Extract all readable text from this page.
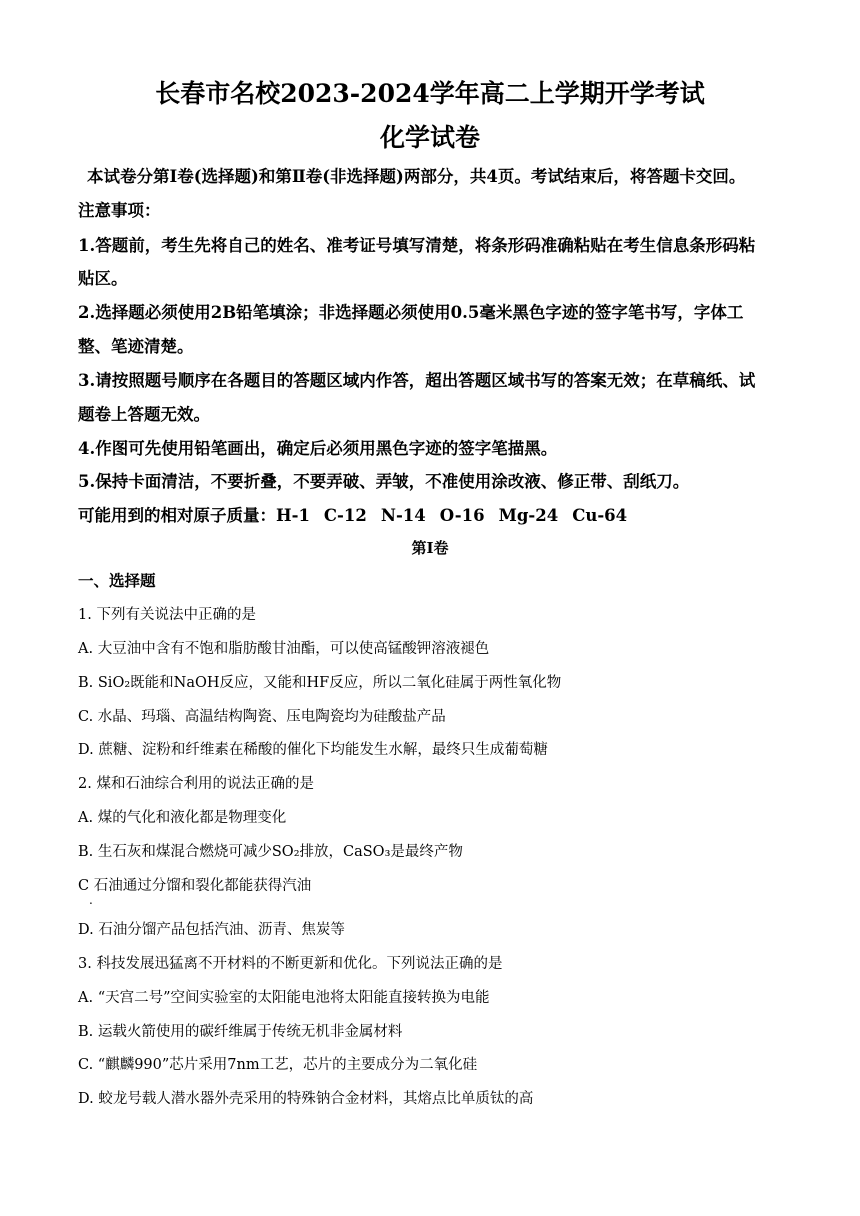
长春市名校2023-2024学年高二上学期开学考试
化学试卷
本试卷分第Ⅰ卷(选择题)和第Ⅱ卷(非选择题)两部分，共4页。考试结束后，将答题卡交回。
注意事项：
1.答题前，考生先将自己的姓名、准考证号填写清楚，将条形码准确粘贴在考生信息条形码粘
贴区。
2.选择题必须使用2B铅笔填涂；非选择题必须使用0.5毫米黑色字迹的签字笔书写，字体工
整、笔迹清楚。
3.请按照题号顺序在各题目的答题区域内作答，超出答题区域书写的答案无效；在草稿纸、试
题卷上答题无效。
4.作图可先使用铅笔画出，确定后必须用黑色字迹的签字笔描黑。
5.保持卡面清洁，不要折叠，不要弄破、弄皱，不准使用涂改液、修正带、刮纸刀。
可能用到的相对原子质量：H-1 C-12 N-14 O-16 Mg-24 Cu-64
第Ⅰ卷
一、选择题
1. 下列有关说法中正确的是
A. 大豆油中含有不饱和脂肪酸甘油酯，可以使高锰酸钾溶液褪色
B. SiO₂既能和NaOH反应，又能和HF反应，所以二氧化硅属于两性氧化物
C. 水晶、玛瑙、高温结构陶瓷、压电陶瓷均为硅酸盐产品
D. 蔗糖、淀粉和纤维素在稀酸的催化下均能发生水解，最终只生成葡萄糖
2. 煤和石油综合利用的说法正确的是
A. 煤的气化和液化都是物理变化
B. 生石灰和煤混合燃烧可减少SO₂排放，CaSO₃是最终产物
C 石油通过分馏和裂化都能获得汽油
.
D. 石油分馏产品包括汽油、沥青、焦炭等
3. 科技发展迅猛离不开材料的不断更新和优化。下列说法正确的是
A. “天宫二号”空间实验室的太阳能电池将太阳能直接转换为电能
B. 运载火箭使用的碳纤维属于传统无机非金属材料
C. “麒麟990”芯片采用7nm工艺，芯片的主要成分为二氧化硅
D. 蛟龙号载人潜水器外壳采用的特殊钠合金材料，其熔点比单质钛的高
